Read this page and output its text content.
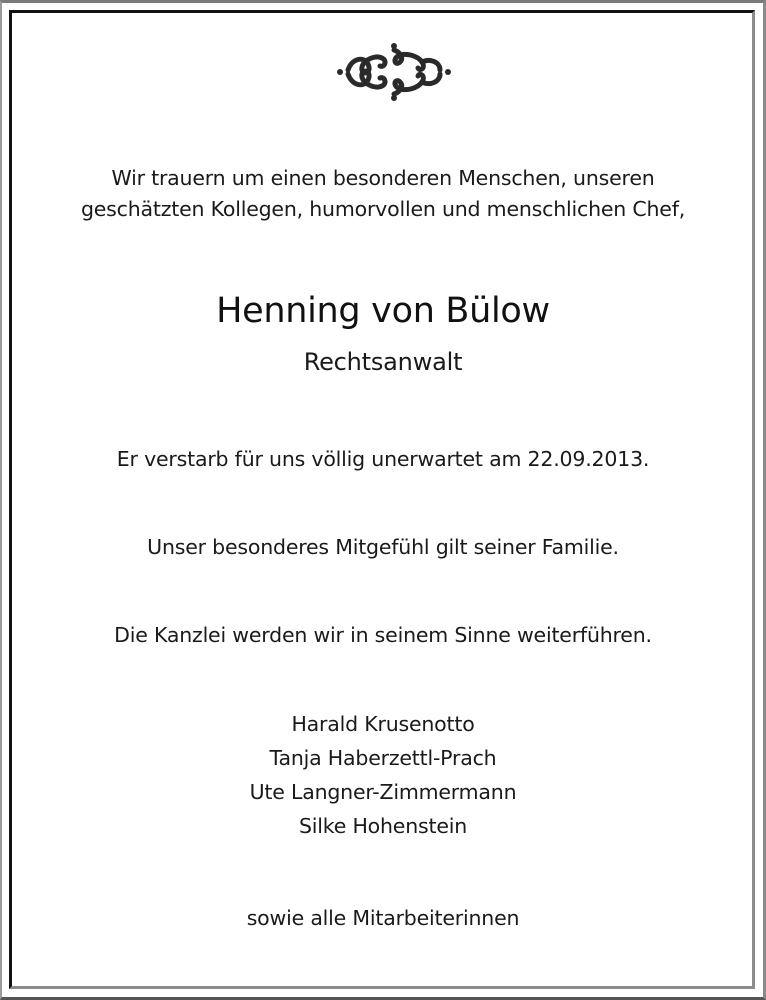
Wir trauern um einen besonderen Menschen, unseren
geschätzten Kollegen, humorvollen und menschlichen Chef,
Henning von Bülow
Rechtsanwalt
Er verstarb für uns völlig unerwartet am 22.09.2013.
Unser besonderes Mitgefühl gilt seiner Familie.
Die Kanzlei werden wir in seinem Sinne weiterführen.
Harald Krusenotto
Tanja Haberzettl-Prach
Ute Langner-Zimmermann
Silke Hohenstein
sowie alle Mitarbeiterinnen
